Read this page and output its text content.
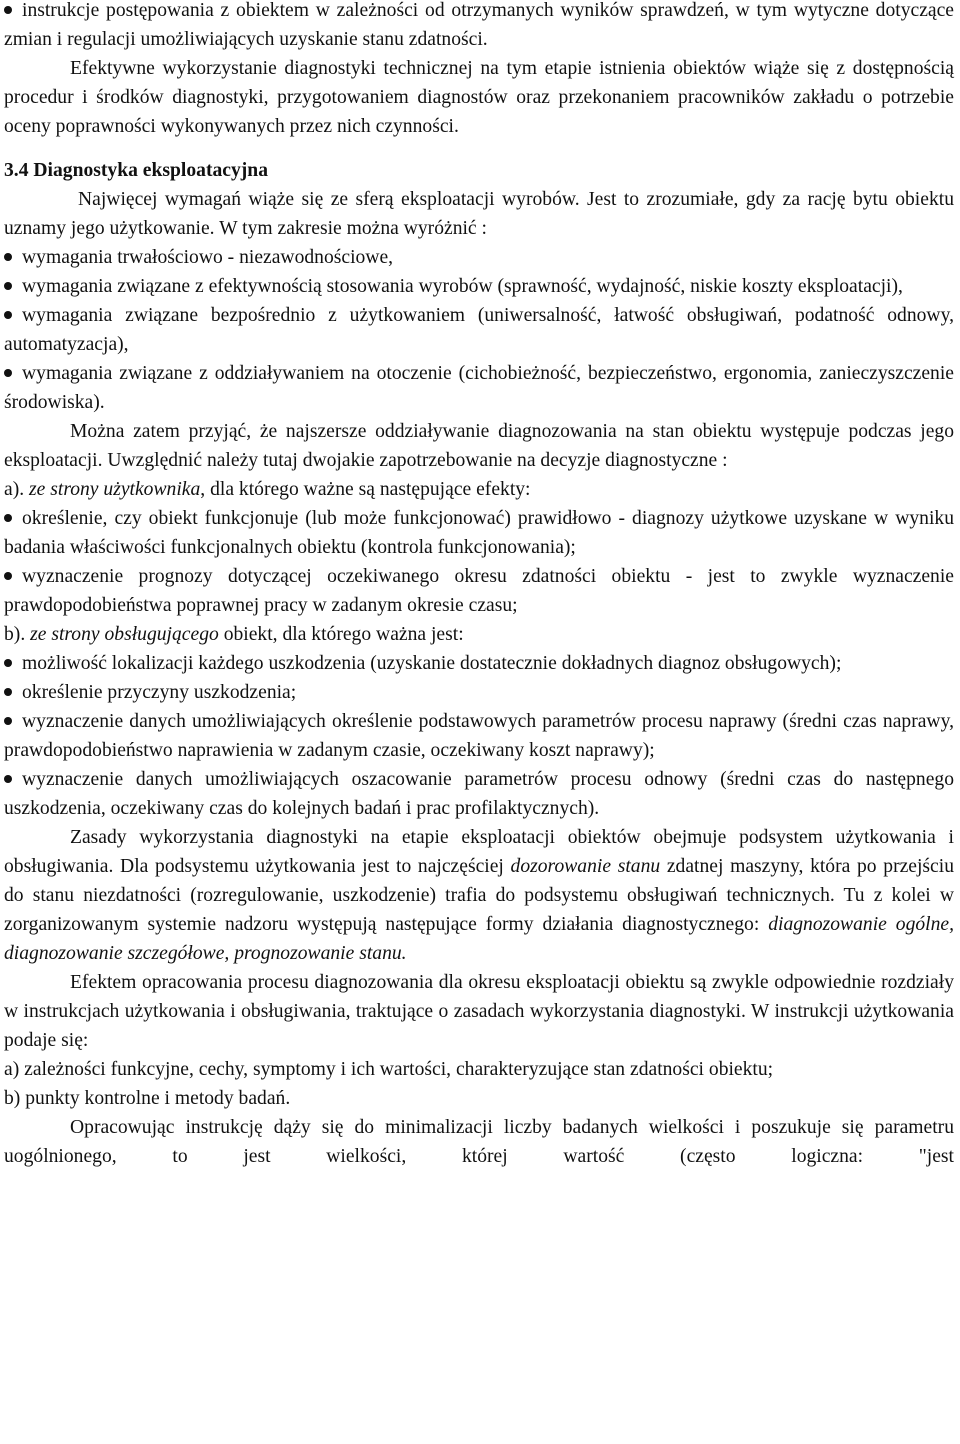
instrukcje postępowania z obiektem w zależności od otrzymanych wyników sprawdzeń, w tym wytyczne dotyczące zmian i regulacji umożliwiających uzyskanie stanu zdatności.

Efektywne wykorzystanie diagnostyki technicznej na tym etapie istnienia obiektów wiąże się z dostępnością procedur i środków diagnostyki, przygotowaniem diagnostów oraz przekonaniem pracowników zakładu o potrzebie oceny poprawności wykonywanych przez nich czynności.

3.4 Diagnostyka eksploatacyjna

Najwięcej wymagań wiąże się ze sferą eksploatacji wyrobów. Jest to zrozumiałe, gdy za rację bytu obiektu uznamy jego użytkowanie. W tym zakresie można wyróżnić :

wymagania trwałościowo - niezawodnościowe,

wymagania związane z efektywnością stosowania wyrobów (sprawność, wydajność, niskie koszty eksploatacji),

wymagania związane bezpośrednio z użytkowaniem (uniwersalność, łatwość obsługiwań, podatność odnowy, automatyzacja),

wymagania związane z oddziaływaniem na otoczenie (cichobieżność, bezpieczeństwo, ergonomia, zanieczyszczenie środowiska).

Można zatem przyjąć, że najszersze oddziaływanie diagnozowania na stan obiektu występuje podczas jego eksploatacji. Uwzględnić należy tutaj dwojakie zapotrzebowanie na decyzje diagnostyczne :

a). ze strony użytkownika, dla którego ważne są następujące efekty:

określenie, czy obiekt funkcjonuje (lub może funkcjonować) prawidłowo - diagnozy użytkowe uzyskane w wyniku badania właściwości funkcjonalnych obiektu (kontrola funkcjonowania);

wyznaczenie prognozy dotyczącej oczekiwanego okresu zdatności obiektu - jest to zwykle wyznaczenie prawdopodobieństwa poprawnej pracy w zadanym okresie czasu;

b). ze strony obsługującego obiekt, dla którego ważna jest:

możliwość lokalizacji każdego uszkodzenia (uzyskanie dostatecznie dokładnych diagnoz obsługowych);

określenie przyczyny uszkodzenia;

wyznaczenie danych umożliwiających określenie podstawowych parametrów procesu naprawy (średni czas naprawy, prawdopodobieństwo naprawienia w zadanym czasie, oczekiwany koszt naprawy);

wyznaczenie danych umożliwiających oszacowanie parametrów procesu odnowy (średni czas do następnego uszkodzenia, oczekiwany czas do kolejnych badań i prac profilaktycznych).

Zasady wykorzystania diagnostyki na etapie eksploatacji obiektów obejmuje podsystem użytkowania i obsługiwania. Dla podsystemu użytkowania jest to najczęściej dozorowanie stanu zdatnej maszyny, która po przejściu do stanu niezdatności (rozregulowanie, uszkodzenie) trafia do podsystemu obsługiwań technicznych. Tu z kolei w zorganizowanym systemie nadzoru występują następujące formy działania diagnostycznego: diagnozowanie ogólne, diagnozowanie szczegółowe, prognozowanie stanu.

Efektem opracowania procesu diagnozowania dla okresu eksploatacji obiektu są zwykle odpowiednie rozdziały w instrukcjach użytkowania i obsługiwania, traktujące o zasadach wykorzystania diagnostyki. W instrukcji użytkowania podaje się:

a) zależności funkcyjne, cechy, symptomy i ich wartości, charakteryzujące stan zdatności obiektu;

b) punkty kontrolne i metody badań.

Opracowując instrukcję dąży się do minimalizacji liczby badanych wielkości i poszukuje się parametru uogólnionego, to jest wielkości, której wartość (często logiczna: "jest
